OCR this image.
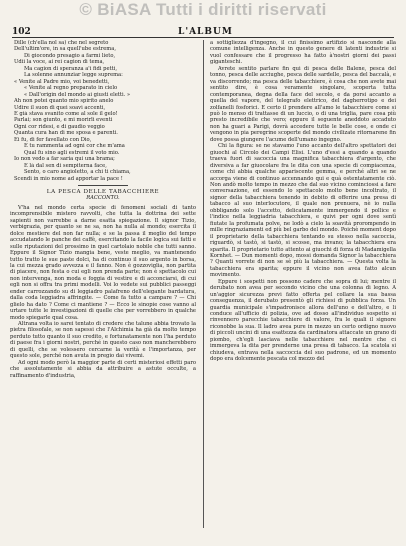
© BiASA Tutti i diritti riservati
102	L'ALBUM
Dille (ch'ella nol sa) che nel segreto
Dell'ultim'ore, in sa quell'ube estrema,
Di giocondo presagio a farmi lieto,
Udii la voce, ai rei cagion di tema,
Ma cagion di speranza a'i fidi petti,
La solenne annunziar legge suprema:
« Venite al Padre mio, voi benedetti,
« Venite al regno preparato in cielo
« Dall'origin del mondo ai giusti eletti. »
Ah non potei quanto mio spirito anelo
Udire il suon di quei soavi accenti,
E già stava svanito come al sole il gelo!
Parlai; son giunto, e mi morirli eventi
Ogni cor ridesi, e di gaudio veggio
Quanta cura han di me sposa e parenti.
Ei fu, di fer favellato con Dio,
E tu rammenta ad ogni cor che m'ama
Qual fu sino agli estremi il voto mio.
Io non vedo a far saria qui una brama;
E là dal sen di sempiterna face,
Sento, o caro angioletto, a chi ti chiama,
Scendi in mio nome ad apportar la pace !
LA PESCA DELLE TABACCHIERE
RACCONTO.

V'ha nel mondo certa specie di fenomeni sociali di tanto incomprensibile mistero ravvolti, che tutta la dottrina dei sette sapienti non varrebbe a darne esatta spiegazione. Il signor Tizio, verbigrazia, per quanto se ne sa, non ha nulla al mondo; esercita il dolce mestiere del non far nulla; e se la passa il meglio del tempo accudatando le panche dei caffè, esercitando la facile logica sui fatti e sulle riputazioni del prossimo in quel cartolaio nobile che tutti sanno. Eppure il Signor Tizio mangia bene, veste meglio, va mantenendo tutto tratto le sue paste dolci, ha di continuo il suo argento in borsa, la cui mezza grado avvezza e il fanno. Non è gozzoviglia, non partita di piacere, non festa o cui egli non prenda parte; non è spettacolo cui non intervenga, non moda e foggia di vestire e di acconciarsi, di cui egli non si offra tra primi modelli. Voi lo vedete sui pubblici passeggi ender carrozzando su di leggiadro palafreno dell'elegante bardatura, dalla coda leggiadra affringite. — Come fa tutto a campare ? — Chi glielo ha dato ? Come ci mantiene ? — Ecco le sinopie cose vanno al urtare tutte le investigazioni di quelle che per vorrebbero in qualche modo spiegarle qual cosa.

Altrana volta io sarei tentato di credere che talune abbia trovato la pietra filosofale, se non sapessi che l'Alchimia ha già da molto tempo perduto tutto quanto il suo credito, e fortunatamente non l'ha perduto di paese fra i giorni nostri, perché in questo caso non mancherebbero di quelli, che se volessero cercarne la verità e l'importanza, per questo sole, perché non avuta in pregio dai vivemi.

Ad ogni modo però la maggior parte di certi misteriosi effetti paro che assolutamente si abbia da attribuire a astute occulte, a raffinamento d'industria,

a sottigliezza d'ingegno, il cui finissimo artifizio si nasconde alla comune intelligenza. Anche in questo genere di latenti industrie si vuol confessare che il progresso ha fatto à'nostri giorni dei passi giganteschi.

Avrete sentito parlare fin qui di pesca delle Balene, pesca del tonno, pesca delle acciughe, pesca delle sardelle, pesca del baccalà, e va discorrendo; ma pesca delle tabacchiere, è cosa che non avete mai sentito dire, è cosa veramente singolare, scoperta tutta contemporanea, degna della face del secolo, e da porsi accanto a quella del vapore, del telegrafo elettrico, del dagherrotipo e dei zolfanelli fosforici. E certo il prendere all'amo le tabacchiere come si può lo menso di trattasse di un luccio, o di una triglia, pare cosa più presto incredibile che vero; eppure il seguente aneddoto accaduto non ha guari a Parigi, dovrà accedere tutte le belle cose, e onde ci vengono in pia peregrine scoperte del mondo civilizate ritornarene fin dove possa giungere l'acume dell'umano ingegno.

Chi la figura: se ne stavamo l'uno accanto dell'altro spettatori dei giuochi al Circolo dei Campi Elisi. L'uno d'essi a quando a quando traeva fuori di sacoccia una magnifica tabacchiera d'argento, che diversiva a far giuocolare fra le dita con una specie di compiacenza, come chi abbia qualche appariscente gemma, e perché altri se ne accorga viene di continuo accennando qui e quà ostentatamente ciò. Non andò molto tempo in mezzo che dal suo vicino cominciossi a fare conversazione, ed essendo lo spettacolo molto bene incoltrato, il signor della tabacchiera tenendo in debito di offerire una presa di tabacco al suo interlocutore, il quale non prenuera, nè io nulla obbligando solo l'accetto, delicatamente immergendo il pollice e l'indice nella leggiadria tabacchiera, e quivi per ogni dove sentì fiutate la profumata polve, ne lodò a cielo la soavità prorompendo in mille ringraziamenti ed più bel garbo del mondo. Poichè moment dopo il proprietario della tabacchiera tentando su stesso nella sacoccia, riguardò, si tastò, si tastò, si scosse, ma invano; la tabacchiera era sparita. Il proprietario tutto attento ai giuochi di forza di Madamigella Kornhet. — Dun momenti dopo, mossi domanda Signor la tabacchiera ? Quanti vorrete di non se sè più la tabacchiera. — Questa volta la tabacchiera era sparita; eppure il vicino non avea fatto alcun movimento.

Eppure i sospetti non possono cadere che sopra di lui; mentre il derubato non avea per secondo vicino che una colonna di legno. A un'aggior sicurezza previ fatto offerta pel collare la sua bassa conseguenza, il derubato presentò gli richiesi di pubblica forza. Un guardia municipale s'impadronisce allora dell'uno e dell'altro, e li conduce all'ufficio di polizia, ove ad dosso all'individuo sospetto si rinvennero parecchie tabacchiere di valore, fra le quali il signore riconobbe la sua. Il ladro avea pure in mezzo un certo ordigno nuovo di piccoli uncini di una esattezza da cardinatora attaccate un grano di piombo, ch'egli lasciava nelle tabacchiere nel mentre che ci immergeva la dita per prenderne una presa di tabacco. La scatola si chiudeva, entrava nella saccoccia del suo padrone, ed un momento dopo era dolcemente pescata col mezzo del
